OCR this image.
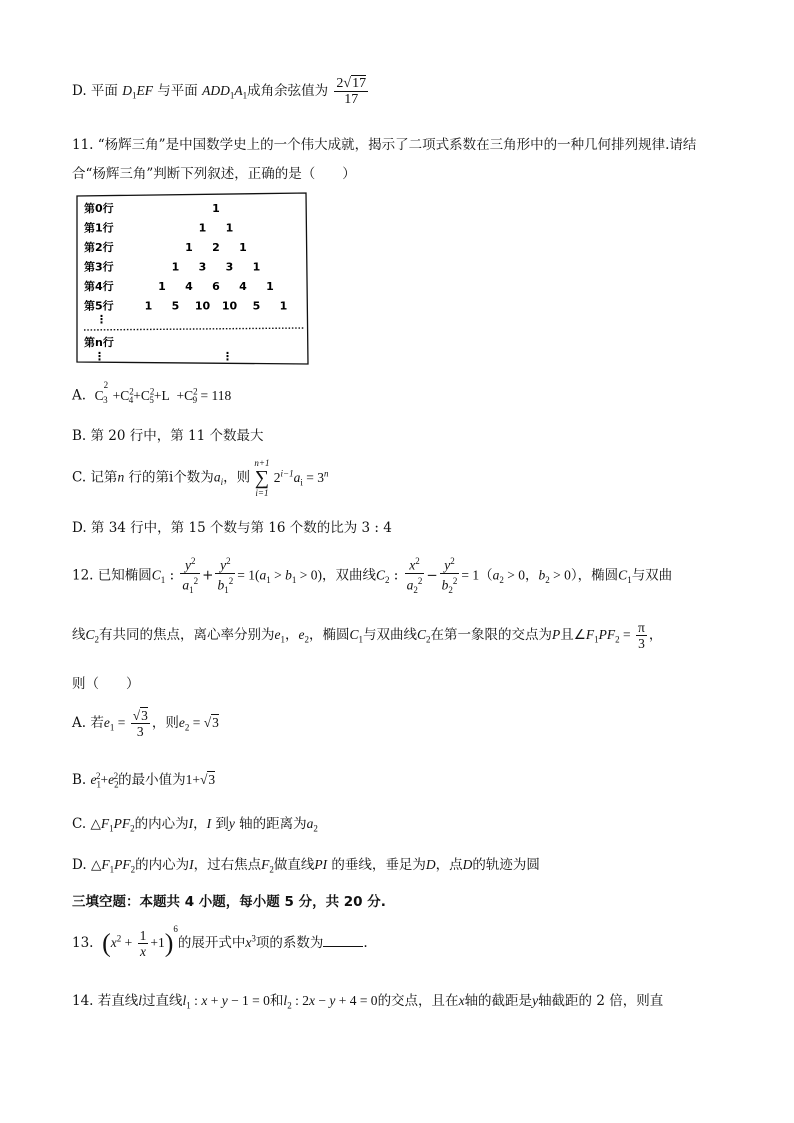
D. 平面 $D_1EF$ 与平面 $ADD_1A_1$成角余弦值为 $\frac{2√17}{17}$
11. “杨辉三角”是中国数学史上的一个伟大成就，揭示了二项式系数在三角形中的一种几何排列规律.请结
合“杨辉三角”判断下列叙述，正确的是（　　）
第0行	1
第1行	1 1
第2行	1 2 1
第3行	1 3 3 1
第4行	1 4 6 4 1
第5行	1 5 10 10 5 1
第n行
⋮
⋮	⋮
A.  $C^2_3 +C^2_4+C^2_5+L +C^2_9 = 118$
B. 第 20 行中，第 11 个数最大
C. 记第n 行的第i个数为$a_i$，则
n+1
∑
i=1
$2^{i-1}a_i = 3^n$
D. 第 34 行中，第 15 个数与第 16 个数的比为 3 : 4
12. 已知椭圆$C_1$ : $\frac{y^2}{a_1^2} + \frac{y^2}{b_1^2} = 1(a_1 > b_1 > 0)$，双曲线$C_2$ : $\frac{x^2}{a_2^2} - \frac{y^2}{b_2^2} = 1(a_2 > 0$，$b_2 > 0$），椭圆$C_1$与双曲
线$C_2$有共同的焦点，离心率分别为$e_1$，$e_2$，椭圆$C_1$与双曲线$C_2$在第一象限的交点为P且$\angle F_1PF_2 = \frac{\pi}{3}$ ，
则（　　）
A. 若$e_1 = \frac{√3}{3}$ ，则$e_2 = √3$
B. $e_1^2+e_2^2$的最小值为1+√3
C. $\triangle F_1PF_2$的内心为I，I 到y 轴的距离为$a_2$
D. $\triangle F_1PF_2$的内心为I，过右焦点$F_2$做直线PI 的垂线，垂足为D，点D的轨迹为圆
三填空题：本题共 4 小题，每小题 5 分，共 20 分.
13. $(x^2 + \frac{1}{x} +1)^6$的展开式中$x^3$项的系数为	.
14. 若直线l过直线$l_1$ : x + y − 1 = 0和$l_2$ : 2x − y + 4 = 0的交点，且在x轴的截距是y轴截距的 2 倍，则直
